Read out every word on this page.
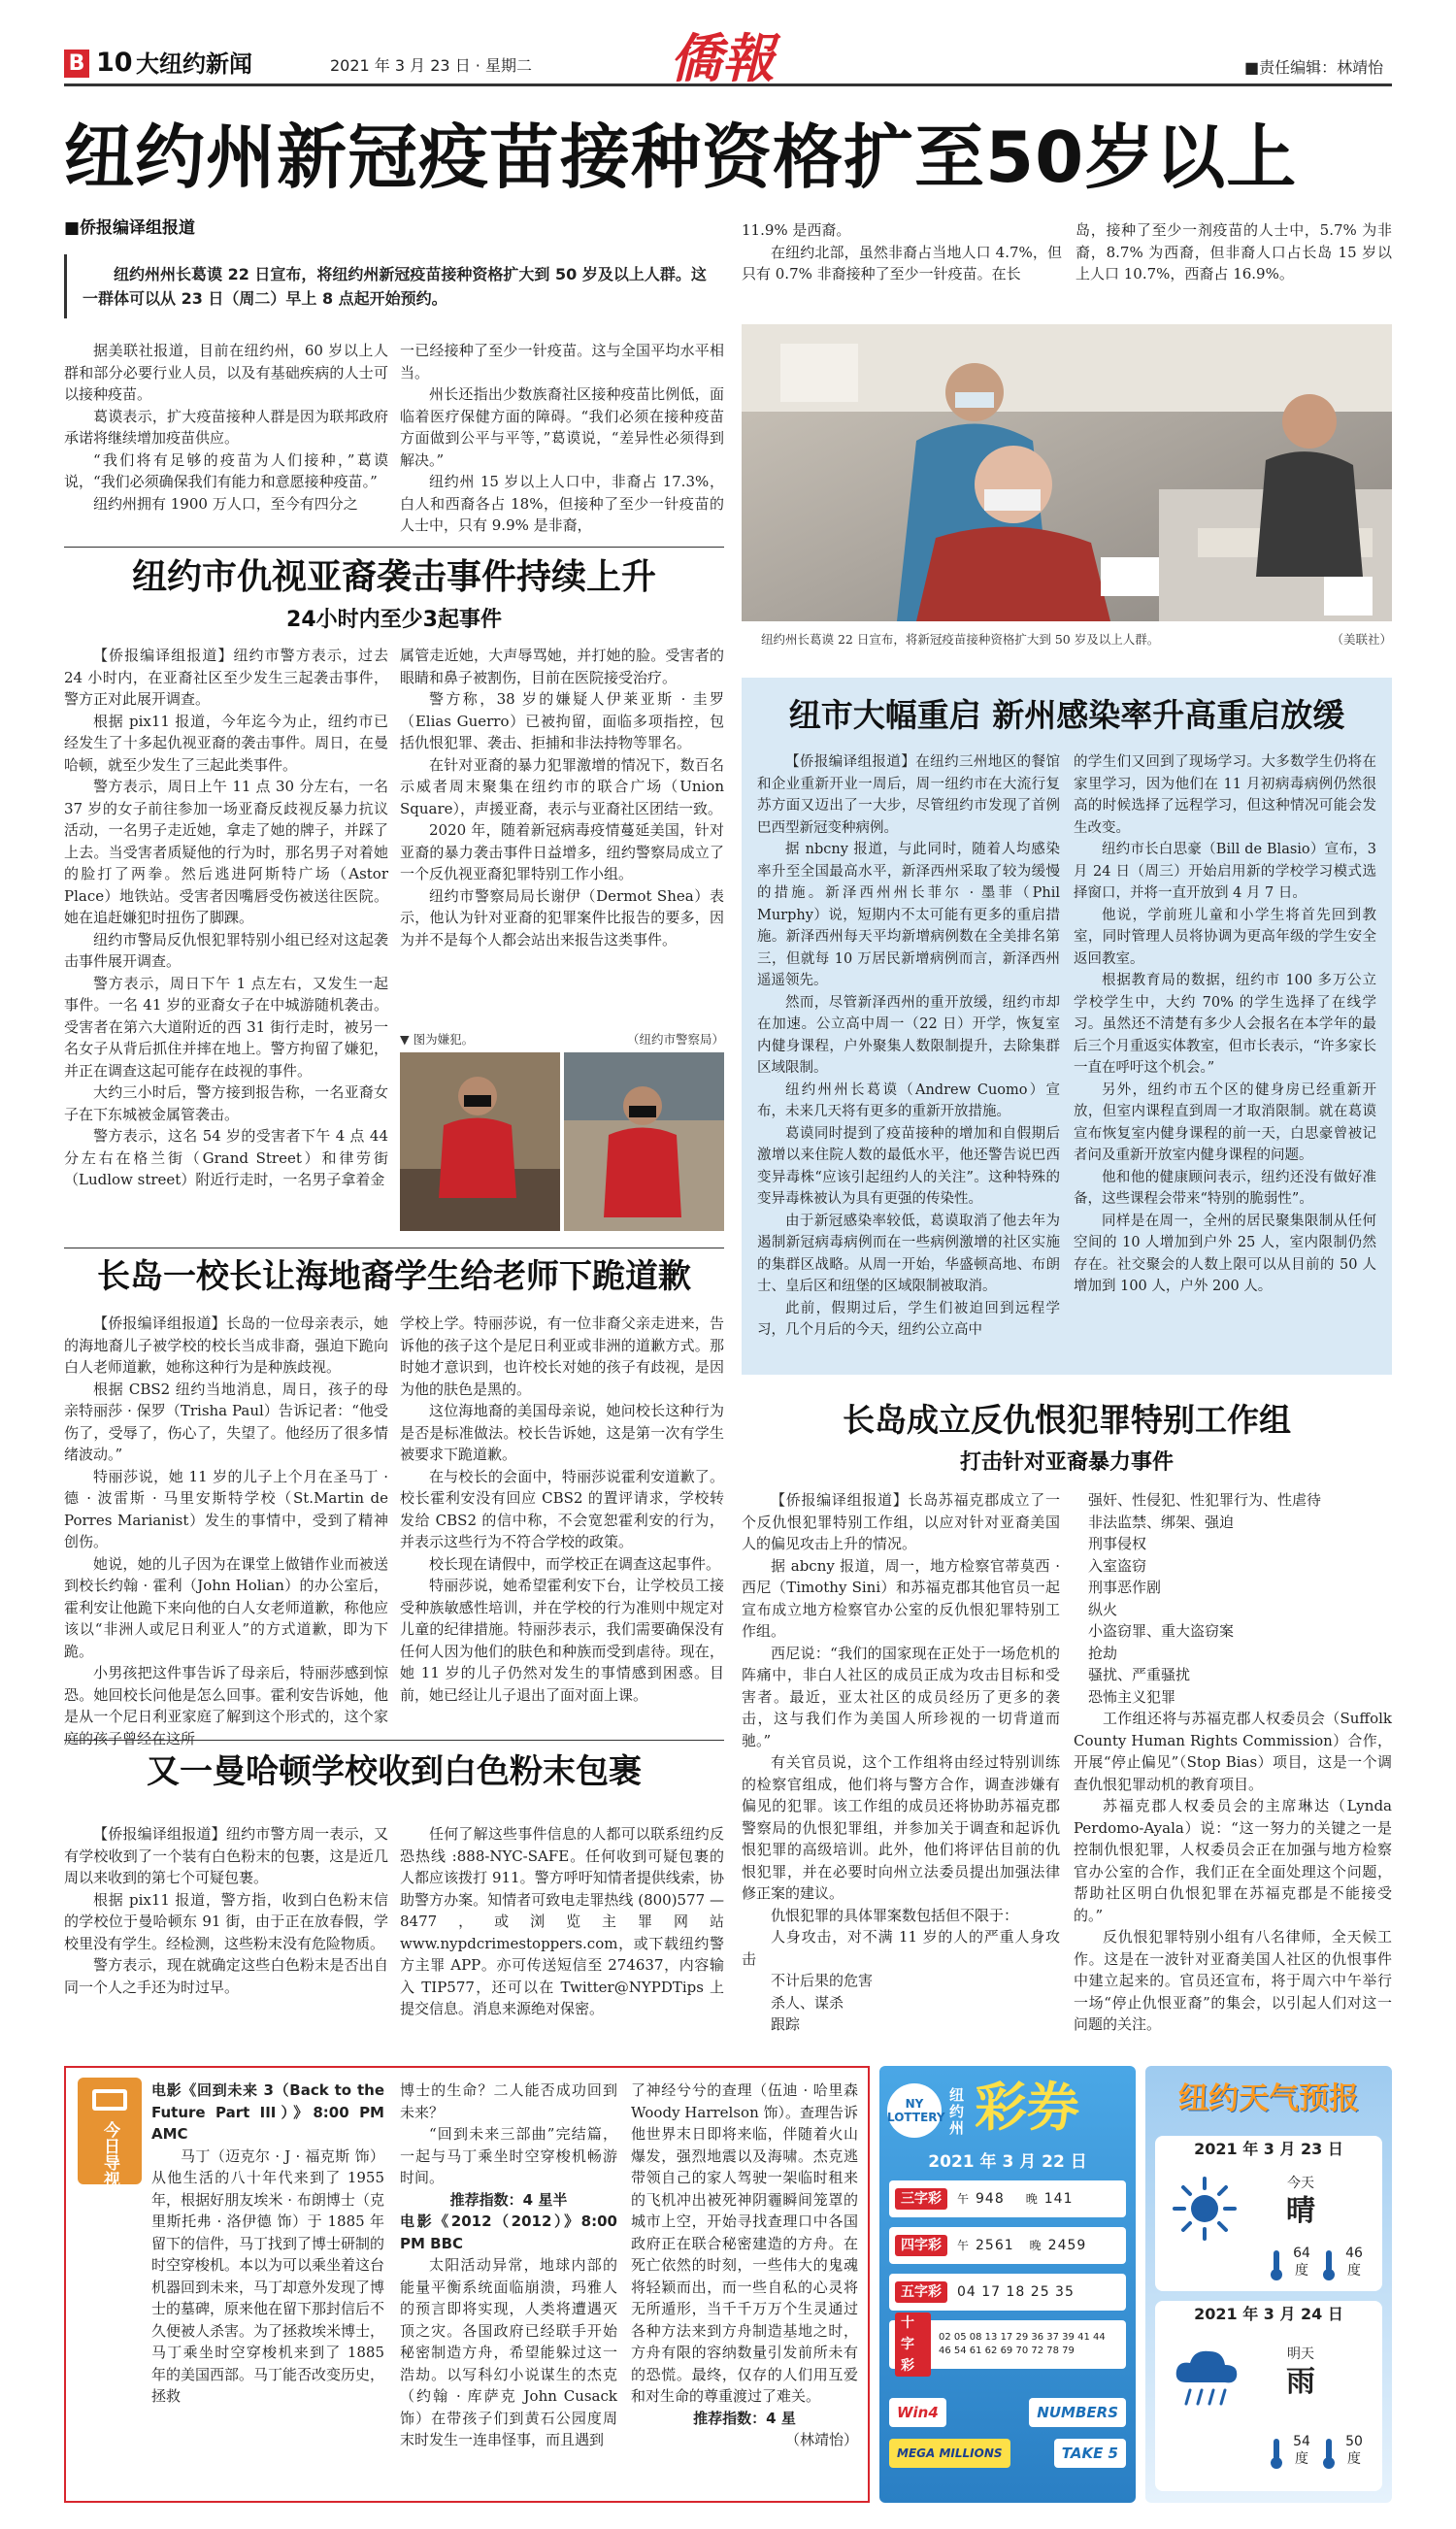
B 10 大纽约新闻	2021 年 3 月 23 日 · 星期二	僑報	■责任编辑：林靖怡
纽约州新冠疫苗接种资格扩至50岁以上
■侨报编译组报道

纽约州州长葛谟 22 日宣布，将纽约州新冠疫苗接种资格扩大到 50 岁及以上人群。这一群体可以从 23 日（周二）早上 8 点起开始预约。

据美联社报道，目前在纽约州，60 岁以上人群和部分必要行业人员，以及有基础疾病的人士可以接种疫苗。

葛谟表示，扩大疫苗接种人群是因为联邦政府承诺将继续增加疫苗供应。

“我们将有足够的疫苗为人们接种，”葛谟说，“我们必须确保我们有能力和意愿接种疫苗。”

纽约州拥有 1900 万人口，至今有四分之

一已经接种了至少一针疫苗。这与全国平均水平相当。

州长还指出少数族裔社区接种疫苗比例低，面临着医疗保健方面的障碍。“我们必须在接种疫苗方面做到公平与平等，”葛谟说，“差异性必须得到解决。”

纽约州 15 岁以上人口中，非裔占 17.3%，白人和西裔各占 18%，但接种了至少一针疫苗的人士中，只有 9.9% 是非裔，

11.9% 是西裔。

在纽约北部，虽然非裔占当地人口 4.7%，但只有 0.7% 非裔接种了至少一针疫苗。在长

岛，接种了至少一剂疫苗的人士中，5.7% 为非裔，8.7% 为西裔，但非裔人口占长岛 15 岁以上人口 10.7%，西裔占 16.9%。

纽约州长葛谟 22 日宣布，将新冠疫苗接种资格扩大到 50 岁及以上人群。	（美联社）
纽约市仇视亚裔袭击事件持续上升
24小时内至少3起事件

【侨报编译组报道】纽约市警方表示，过去 24 小时内，在亚裔社区至少发生三起袭击事件，警方正对此展开调查。

根据 pix11 报道，今年迄今为止，纽约市已经发生了十多起仇视亚裔的袭击事件。周日，在曼哈顿，就至少发生了三起此类事件。

警方表示，周日上午 11 点 30 分左右，一名 37 岁的女子前往参加一场亚裔反歧视反暴力抗议活动，一名男子走近她，拿走了她的牌子，并踩了上去。当受害者质疑他的行为时，那名男子对着她的脸打了两拳。然后逃进阿斯特广场（Astor Place）地铁站。受害者因嘴唇受伤被送往医院。她在追赶嫌犯时扭伤了脚踝。

纽约市警局反仇恨犯罪特别小组已经对这起袭击事件展开调查。

警方表示，周日下午 1 点左右，又发生一起事件。一名 41 岁的亚裔女子在中城游随机袭击。受害者在第六大道附近的西 31 街行走时，被另一名女子从背后抓住并摔在地上。警方拘留了嫌犯，并正在调查这起可能存在歧视的事件。

大约三小时后，警方接到报告称，一名亚裔女子在下东城被金属管袭击。

警方表示，这名 54 岁的受害者下午 4 点 44 分左右在格兰街（Grand Street）和律劳街（Ludlow street）附近行走时，一名男子拿着金

属管走近她，大声辱骂她，并打她的脸。受害者的眼睛和鼻子被割伤，目前在医院接受治疗。

警方称，38 岁的嫌疑人伊莱亚斯 · 圭罗（Elias Guerro）已被拘留，面临多项指控，包括仇恨犯罪、袭击、拒捕和非法持物等罪名。

在针对亚裔的暴力犯罪激增的情况下，数百名示威者周末聚集在纽约市的联合广场（Union Square），声援亚裔，表示与亚裔社区团结一致。

2020 年，随着新冠病毒疫情蔓延美国，针对亚裔的暴力袭击事件日益增多，纽约警察局成立了一个反仇视亚裔犯罪特别工作小组。

纽约市警察局局长谢伊（Dermot Shea）表示，他认为针对亚裔的犯罪案件比报告的要多，因为并不是每个人都会站出来报告这类事件。

▼ 图为嫌犯。	（纽约市警察局）
长岛一校长让海地裔学生给老师下跪道歉

【侨报编译组报道】长岛的一位母亲表示，她的海地裔儿子被学校的校长当成非裔，强迫下跪向白人老师道歉，她称这种行为是种族歧视。

根据 CBS2 纽约当地消息，周日，孩子的母亲特丽莎 · 保罗（Trisha Paul）告诉记者：“他受伤了，受辱了，伤心了，失望了。他经历了很多情绪波动。”

特丽莎说，她 11 岁的儿子上个月在圣马丁 · 德 · 波雷斯 · 马里安斯特学校（St.Martin de Porres Marianist）发生的事情中，受到了精神创伤。

她说，她的儿子因为在课堂上做错作业而被送到校长约翰 · 霍利（John Holian）的办公室后，霍利安让他跪下来向他的白人女老师道歉，称他应该以“非洲人或尼日利亚人”的方式道歉，即为下跪。

小男孩把这件事告诉了母亲后，特丽莎感到惊恐。她回校长问他是怎么回事。霍利安告诉她，他是从一个尼日利亚家庭了解到这个形式的，这个家庭的孩子曾经在这所

学校上学。特丽莎说，有一位非裔父亲走进来，告诉他的孩子这个是尼日利亚或非洲的道歉方式。那时她才意识到，也许校长对她的孩子有歧视，是因为他的肤色是黑的。

这位海地裔的美国母亲说，她问校长这种行为是否是标准做法。校长告诉她，这是第一次有学生被要求下跪道歉。

在与校长的会面中，特丽莎说霍利安道歉了。校长霍利安没有回应 CBS2 的置评请求，学校转发给 CBS2 的信中称，不会宽恕霍利安的行为，并表示这些行为不符合学校的政策。

校长现在请假中，而学校正在调查这起事件。

特丽莎说，她希望霍利安下台，让学校员工接受种族敏感性培训，并在学校的行为准则中规定对儿童的纪律措施。特丽莎表示，我们需要确保没有任何人因为他们的肤色和种族而受到虐待。现在，她 11 岁的儿子仍然对发生的事情感到困惑。目前，她已经让儿子退出了面对面上课。

又一曼哈顿学校收到白色粉末包裹

【侨报编译组报道】纽约市警方周一表示，又有学校收到了一个装有白色粉末的包裹，这是近几周以来收到的第七个可疑包裹。

根据 pix11 报道，警方指，收到白色粉末信的学校位于曼哈顿东 91 街，由于正在放春假，学校里没有学生。经检测，这些粉末没有危险物质。

警方表示，现在就确定这些白色粉末是否出自同一个人之手还为时过早。

任何了解这些事件信息的人都可以联系纽约反恐热线 :888-NYC-SAFE。任何收到可疑包裹的人都应该拨打 911。警方呼吁知情者提供线索，协助警方办案。知情者可致电走罪热线 (800)577 — 8477，或浏览主罪网站 www.nypdcrimestoppers.com，或下载纽约警方主罪 APP。亦可传送短信至 274637，内容输入 TIP577，还可以在 Twitter@NYPDTips 上提交信息。消息来源绝对保密。

纽市大幅重启 新州感染率升高重启放缓

【侨报编译组报道】在纽约三州地区的餐馆和企业重新开业一周后，周一纽约市在大流行复苏方面又迈出了一大步，尽管纽约市发现了首例巴西型新冠变种病例。

据 nbcny 报道，与此同时，随着人均感染率升至全国最高水平，新泽西州采取了较为缓慢的措施。新泽西州州长菲尔 · 墨菲（Phil Murphy）说，短期内不太可能有更多的重启措施。新泽西州每天平均新增病例数在全美排名第三，但就每 10 万居民新增病例而言，新泽西州遥遥领先。

然而，尽管新泽西州的重开放缓，纽约市却在加速。公立高中周一（22 日）开学，恢复室内健身课程，户外聚集人数限制提升，去除集群区域限制。

纽约州州长葛谟（Andrew Cuomo）宣布，未来几天将有更多的重新开放措施。

葛谟同时提到了疫苗接种的增加和自假期后激增以来住院人数的最低水平，他还警告说巴西变异毒株“应该引起纽约人的关注”。这种特殊的变异毒株被认为具有更强的传染性。

由于新冠感染率较低，葛谟取消了他去年为遏制新冠病毒病例而在一些病例激增的社区实施的集群区战略。从周一开始，华盛顿高地、布朗士、皇后区和纽堡的区域限制被取消。

此前，假期过后，学生们被迫回到远程学习，几个月后的今天，纽约公立高中

的学生们又回到了现场学习。大多数学生仍将在家里学习，因为他们在 11 月初病毒病例仍然很高的时候选择了远程学习，但这种情况可能会发生改变。

纽约市长白思豪（Bill de Blasio）宣布，3 月 24 日（周三）开始启用新的学校学习模式选择窗口，并将一直开放到 4 月 7 日。

他说，学前班儿童和小学生将首先回到教室，同时管理人员将协调为更高年级的学生安全返回教室。

根据教育局的数据，纽约市 100 多万公立学校学生中，大约 70% 的学生选择了在线学习。虽然还不清楚有多少人会报名在本学年的最后三个月重返实体教室，但市长表示，“许多家长一直在呼吁这个机会。”

另外，纽约市五个区的健身房已经重新开放，但室内课程直到周一才取消限制。就在葛谟宣布恢复室内健身课程的前一天，白思豪曾被记者问及重新开放室内健身课程的问题。

他和他的健康顾问表示，纽约还没有做好准备，这些课程会带来“特别的脆弱性”。

同样是在周一，全州的居民聚集限制从任何空间的 10 人增加到户外 25 人，室内限制仍然存在。社交聚会的人数上限可以从目前的 50 人增加到 100 人，户外 200 人。

长岛成立反仇恨犯罪特别工作组
打击针对亚裔暴力事件

【侨报编译组报道】长岛苏福克郡成立了一个反仇恨犯罪特别工作组，以应对针对亚裔美国人的偏见攻击上升的情况。

据 abcny 报道，周一，地方检察官蒂莫西 · 西尼（Timothy Sini）和苏福克郡其他官员一起宣布成立地方检察官办公室的反仇恨犯罪特别工作组。

西尼说：“我们的国家现在正处于一场危机的阵痛中，非白人社区的成员正成为攻击目标和受害者。最近，亚太社区的成员经历了更多的袭击，这与我们作为美国人所珍视的一切背道而驰。”

有关官员说，这个工作组将由经过特别训练的检察官组成，他们将与警方合作，调查涉嫌有偏见的犯罪。该工作组的成员还将协助苏福克郡警察局的仇恨犯罪组，并参加关于调查和起诉仇恨犯罪的高级培训。此外，他们将评估目前的仇恨犯罪，并在必要时向州立法委员提出加强法律修正案的建议。

仇恨犯罪的具体罪案数包括但不限于：

人身攻击，对不满 11 岁的人的严重人身攻击

不计后果的危害

杀人、谋杀

跟踪

强奸、性侵犯、性犯罪行为、性虐待

非法监禁、绑架、强迫

刑事侵权

入室盗窃

刑事恶作剧

纵火

小盗窃罪、重大盗窃案

抢劫

骚扰、严重骚扰

恐怖主义犯罪

工作组还将与苏福克郡人权委员会（Suffolk County Human Rights Commission）合作，开展“停止偏见”（Stop Bias）项目，这是一个调查仇恨犯罪动机的教育项目。

苏福克郡人权委员会的主席琳达（Lynda Perdomo-Ayala）说：“这一努力的关键之一是控制仇恨犯罪，人权委员会正在加强与地方检察官办公室的合作，我们正在全面处理这个问题，帮助社区明白仇恨犯罪在苏福克郡是不能接受的。”

反仇恨犯罪特别小组有八名律师，全天候工作。这是在一波针对亚裔美国人社区的仇恨事件中建立起来的。官员还宣布，将于周六中午举行一场“停止仇恨亚裔”的集会，以引起人们对这一问题的关注。

今日导视

电影《回到未来 3（Back to the Future Part III）》8:00 PM AMC

马丁（迈克尔 · J · 福克斯 饰）从他生活的八十年代来到了 1955 年，根据好朋友埃米 · 布朗博士（克里斯托弗 · 洛伊德 饰）于 1885 年留下的信件，马丁找到了博士研制的时空穿梭机。本以为可以乘坐着这台机器回到未来，马丁却意外发现了博士的墓碑，原来他在留下那封信后不久便被人杀害。为了拯救埃米博士，马丁乘坐时空穿梭机来到了 1885 年的美国西部。马丁能否改变历史，拯救

博士的生命？二人能否成功回到未来？

“回到未来三部曲”完结篇，一起与马丁乘坐时空穿梭机畅游时间。

推荐指数：4 星半

电影《2012（2012）》8:00 PM BBC

太阳活动异常，地球内部的能量平衡系统面临崩溃，玛雅人的预言即将实现，人类将遭遇灭顶之灾。各国政府已经联手开始秘密制造方舟，希望能躲过这一浩劫。以写科幻小说谋生的杰克（约翰 · 库萨克 John Cusack 饰）在带孩子们到黄石公园度周末时发生一连串怪事，而且遇到

了神经兮兮的查理（伍迪 · 哈里森 Woody Harrelson 饰）。查理告诉他世界末日即将来临，伴随着火山爆发，强烈地震以及海啸。杰克逃带领自己的家人驾驶一架临时租来的飞机冲出被死神阴霾瞬间笼罩的城市上空，开始寻找查理口中各国政府正在联合秘密建造的方舟。在死亡依然的时刻，一些伟大的鬼魂将轻颖而出，而一些自私的心灵将无所遁形，当千千万万个生灵通过各种方法来到方舟制造基地之时，方舟有限的容纳数量引发前所未有的恐慌。最终，仅存的人们用互爱和对生命的尊重渡过了难关。

推荐指数：4 星

（林靖怡）

NY LOTTERY
纽约州 彩券
2021 年 3 月 22 日
三字彩	午 948 晚 141
四字彩	午 2561 晚 2459
五字彩	04 17 18 25 35
十字彩
02 05 08 13 17 29 36 37 39 41 44 46 54 61 62 69 70 72 78 79
Win4	NUMBERS
MEGA MILLIONS	TAKE 5
纽约天气预报
2021 年 3 月 23 日
今天
晴
64
度
46
度
2021 年 3 月 24 日
明天
雨
54
度
50
度
